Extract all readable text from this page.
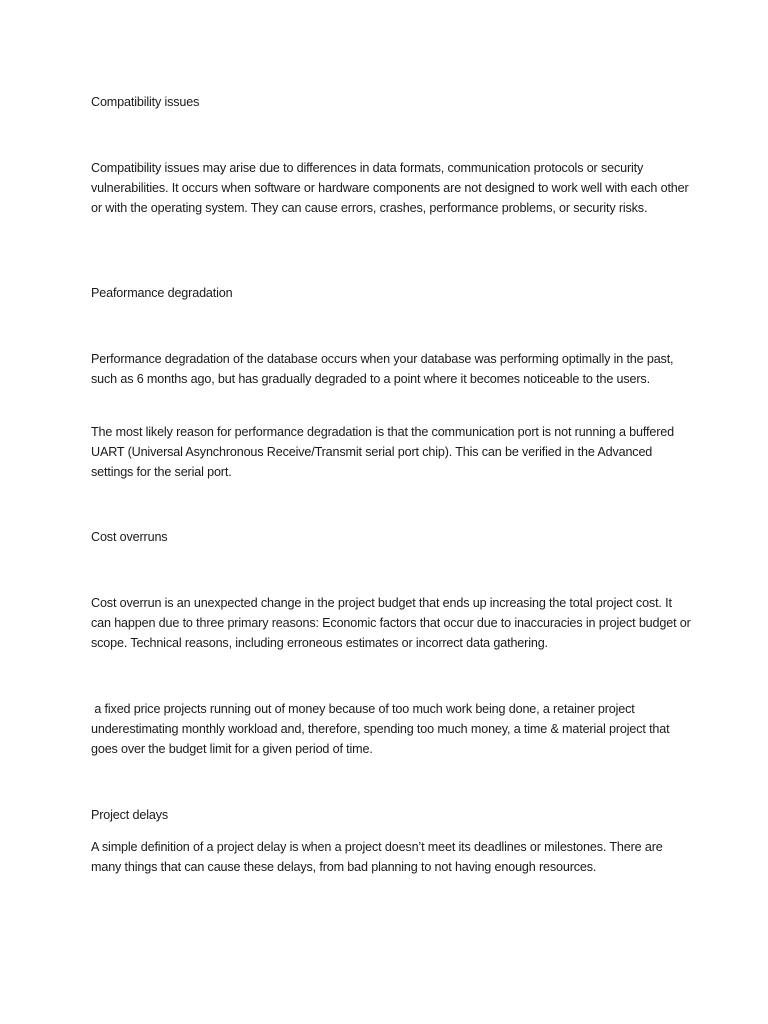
Compatibility issues

Compatibility issues may arise due to differences in data formats, communication protocols or security vulnerabilities. It occurs when software or hardware components are not designed to work well with each other or with the operating system. They can cause errors, crashes, performance problems, or security risks.

Peaformance degradation

Performance degradation of the database occurs when your database was performing optimally in the past, such as 6 months ago, but has gradually degraded to a point where it becomes noticeable to the users.

The most likely reason for performance degradation is that the communication port is not running a buffered UART (Universal Asynchronous Receive/Transmit serial port chip). This can be verified in the Advanced settings for the serial port.

Cost overruns

Cost overrun is an unexpected change in the project budget that ends up increasing the total project cost. It can happen due to three primary reasons: Economic factors that occur due to inaccuracies in project budget or scope. Technical reasons, including erroneous estimates or incorrect data gathering.

a fixed price projects running out of money because of too much work being done, a retainer project underestimating monthly workload and, therefore, spending too much money, a time & material project that goes over the budget limit for a given period of time.

Project delays

A simple definition of a project delay is when a project doesn’t meet its deadlines or milestones. There are many things that can cause these delays, from bad planning to not having enough resources.
